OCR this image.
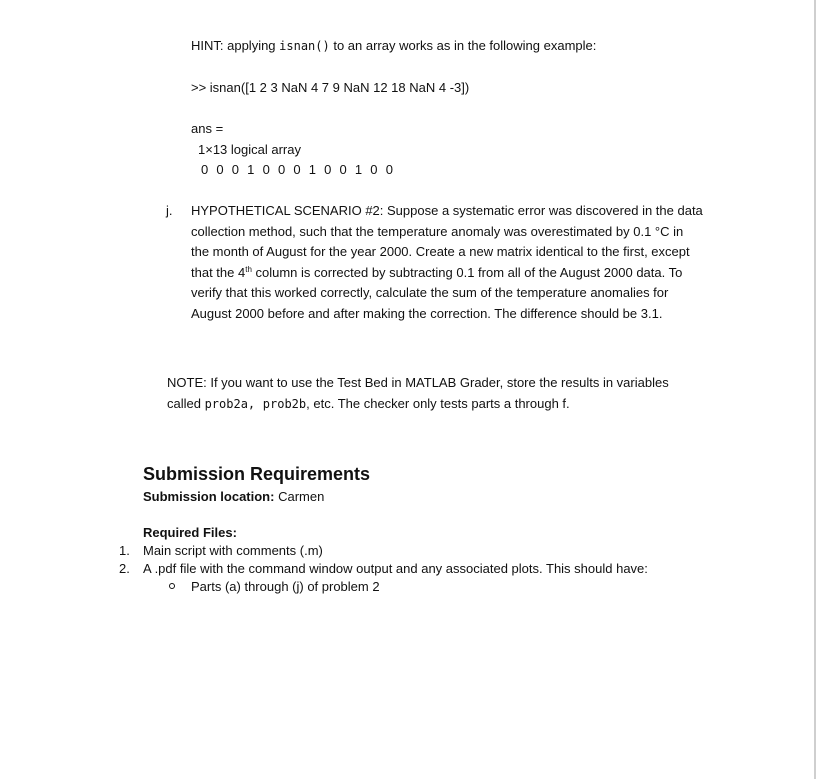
HINT: applying isnan() to an array works as in the following example:
>> isnan([1 2 3 NaN 4 7 9 NaN 12 18 NaN 4 -3])
ans =
1×13 logical array
0 0 0 1 0 0 0 1 0 0 1 0 0
j. HYPOTHETICAL SCENARIO #2: Suppose a systematic error was discovered in the data
collection method, such that the temperature anomaly was overestimated by 0.1 °C in
the month of August for the year 2000. Create a new matrix identical to the first, except
that the 4th column is corrected by subtracting 0.1 from all of the August 2000 data. To
verify that this worked correctly, calculate the sum of the temperature anomalies for
August 2000 before and after making the correction. The difference should be 3.1.
NOTE: If you want to use the Test Bed in MATLAB Grader, store the results in variables
called prob2a, prob2b, etc. The checker only tests parts a through f.
Submission Requirements
Submission location: Carmen
Required Files:
1. Main script with comments (.m)
2. A .pdf file with the command window output and any associated plots. This should have:
Parts (a) through (j) of problem 2
